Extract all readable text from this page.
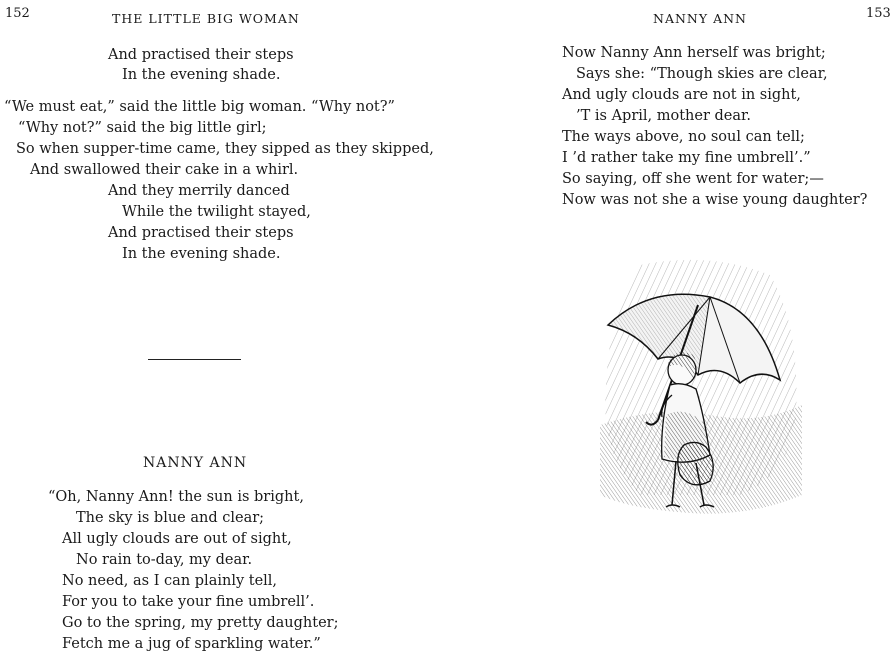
152	THE LITTLE BIG WOMAN
And practised their steps
In the evening shade.
“We must eat,” said the little big woman. “Why not?”
“Why not?” said the big little girl;
So when supper-time came, they sipped as they skipped,
And swallowed their cake in a whirl.
And they merrily danced
While the twilight stayed,
And practised their steps
In the evening shade.
NANNY ANN
“Oh, Nanny Ann! the sun is bright,
The sky is blue and clear;
All ugly clouds are out of sight,
No rain to-day, my dear.
No need, as I can plainly tell,
For you to take your fine umbrell’.
Go to the spring, my pretty daughter;
Fetch me a jug of sparkling water.”
NANNY ANN	153
Now Nanny Ann herself was bright;
Says she: “Though skies are clear,
And ugly clouds are not in sight,
’T is April, mother dear.
The ways above, no soul can tell;
I ’d rather take my fine umbrell’.”
So saying, off she went for water;—
Now was not she a wise young daughter?
